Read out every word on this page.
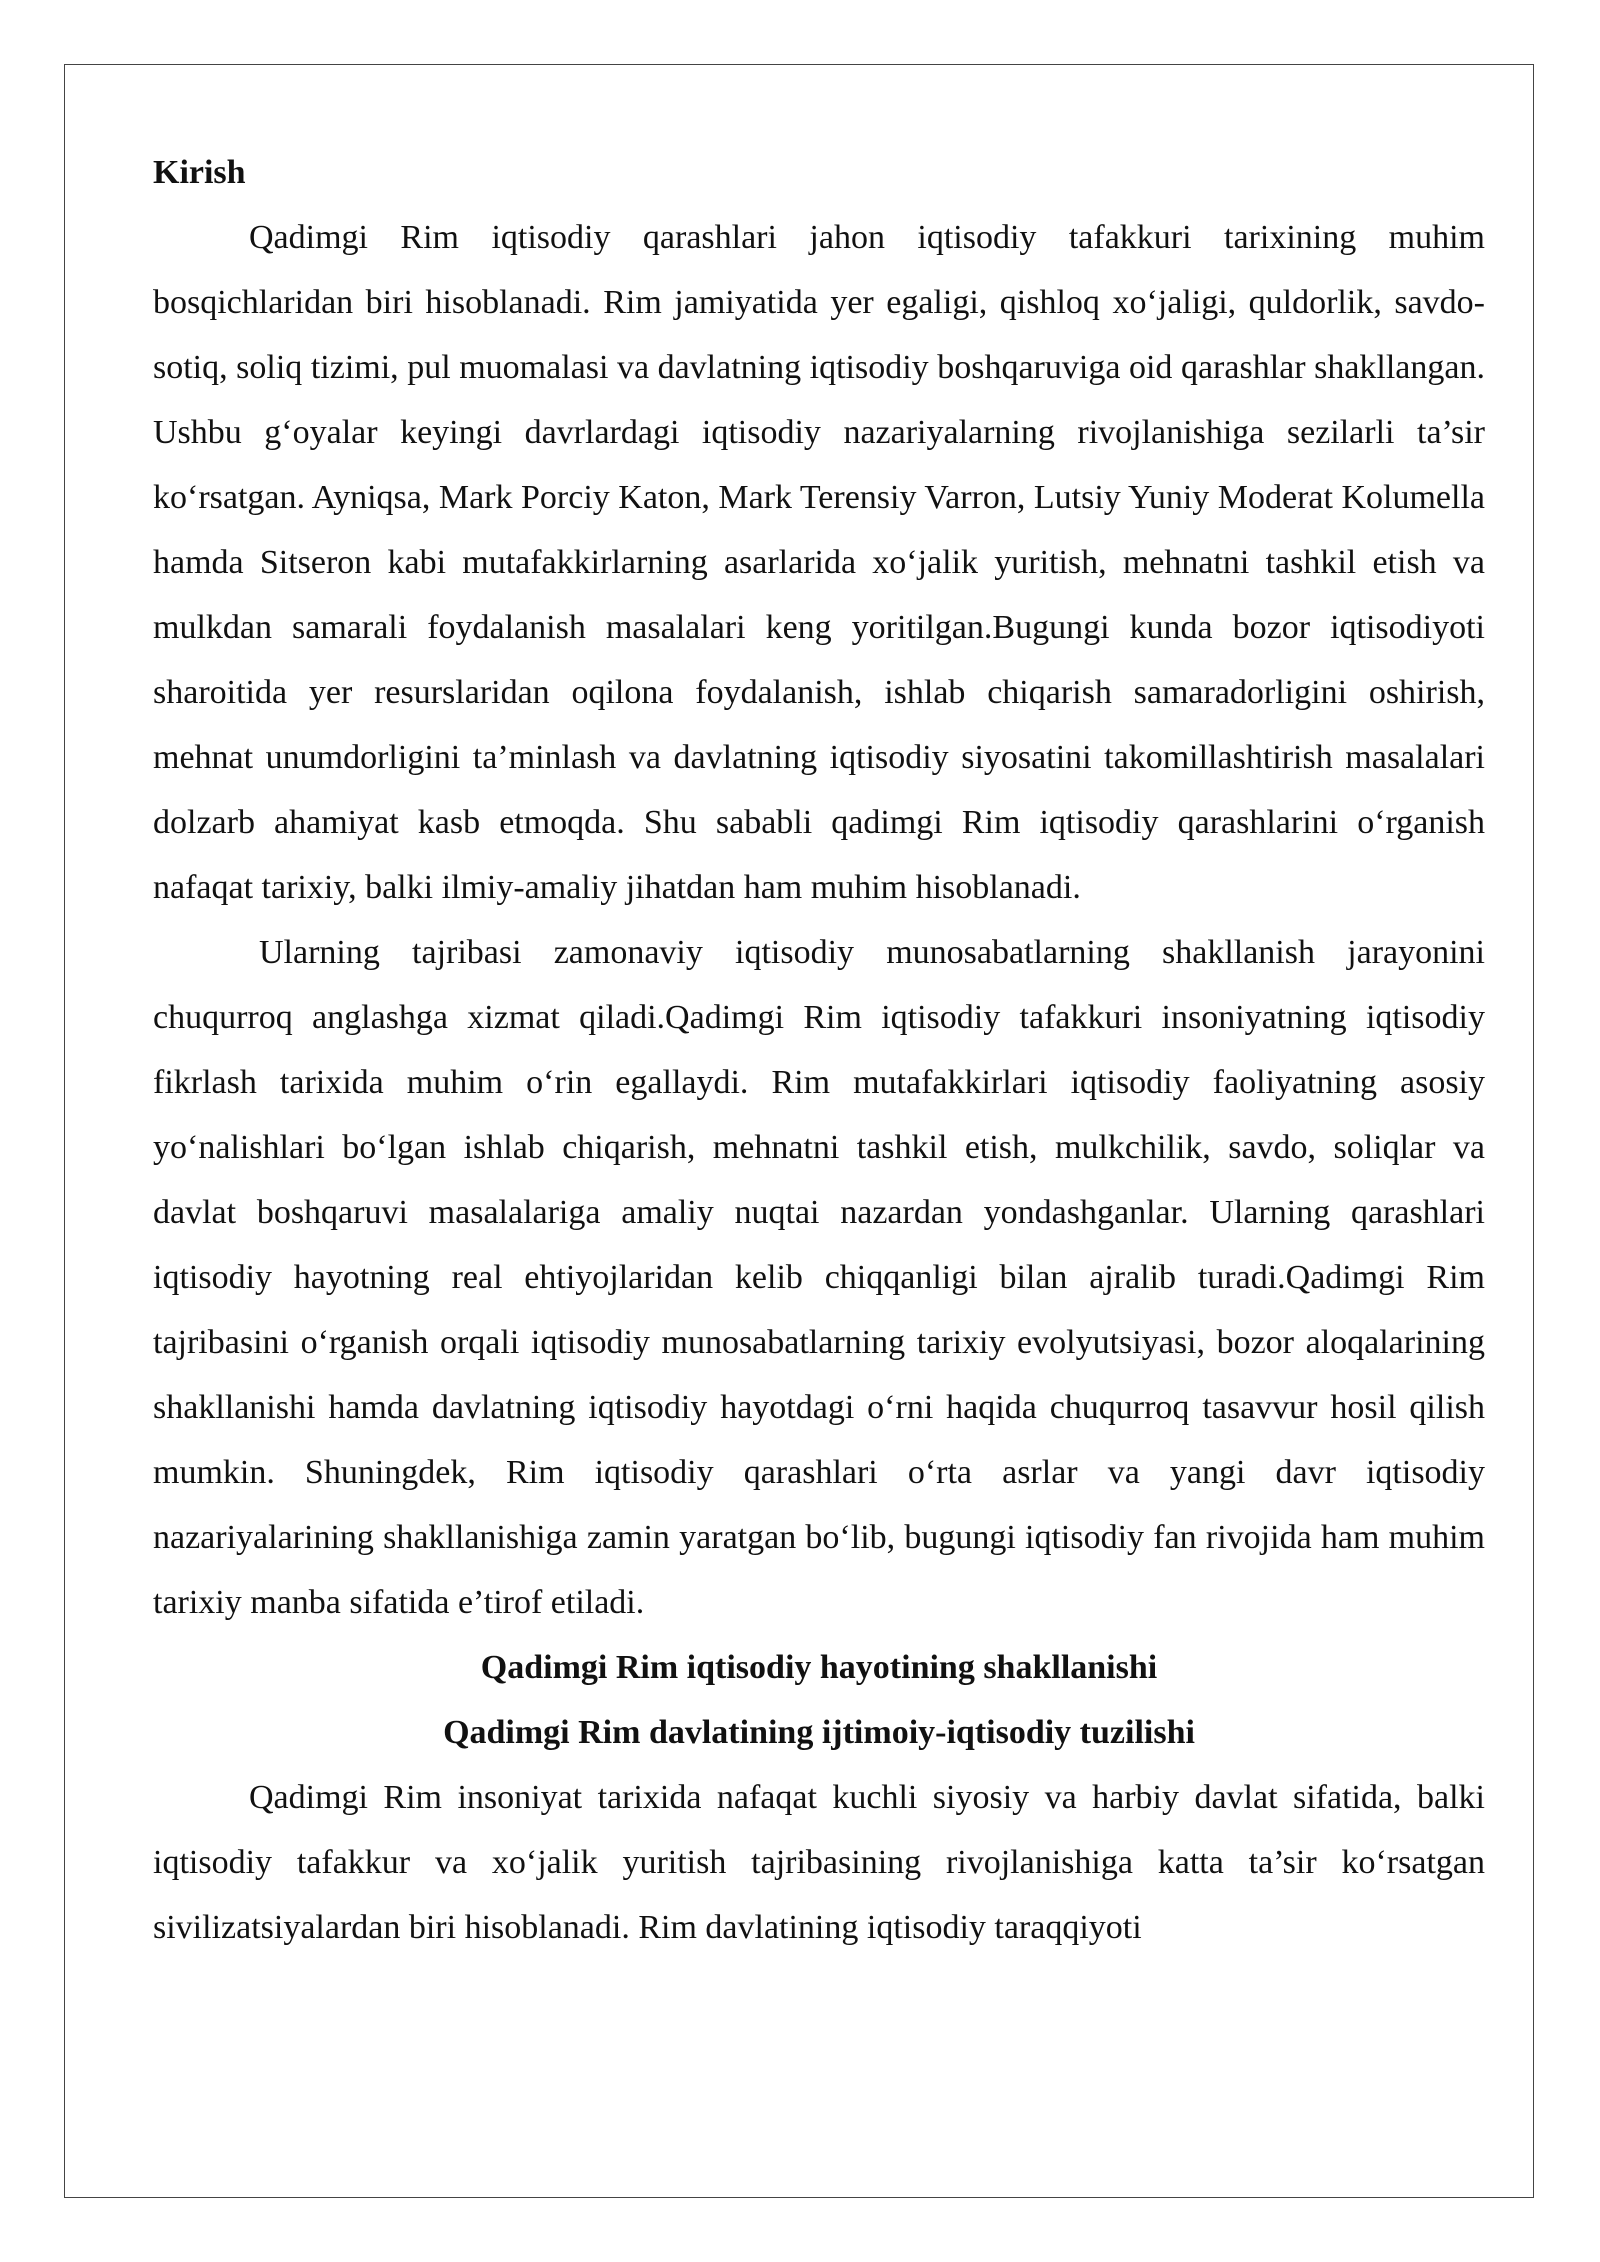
Kirish

Qadimgi Rim iqtisodiy qarashlari jahon iqtisodiy tafakkuri tarixining muhim bosqichlaridan biri hisoblanadi. Rim jamiyatida yer egaligi, qishloq xo‘jaligi, quldorlik, savdo-sotiq, soliq tizimi, pul muomalasi va davlatning iqtisodiy boshqaruviga oid qarashlar shakllangan. Ushbu g‘oyalar keyingi davrlardagi iqtisodiy nazariyalarning rivojlanishiga sezilarli ta’sir ko‘rsatgan. Ayniqsa, Mark Porciy Katon, Mark Terensiy Varron, Lutsiy Yuniy Moderat Kolumella hamda Sitseron kabi mutafakkirlarning asarlarida xo‘jalik yuritish, mehnatni tashkil etish va mulkdan samarali foydalanish masalalari keng yoritilgan.Bugungi kunda bozor iqtisodiyoti sharoitida yer resurslaridan oqilona foydalanish, ishlab chiqarish samaradorligini oshirish, mehnat unumdorligini ta’minlash va davlatning iqtisodiy siyosatini takomillashtirish masalalari dolzarb ahamiyat kasb etmoqda. Shu sababli qadimgi Rim iqtisodiy qarashlarini o‘rganish nafaqat tarixiy, balki ilmiy-amaliy jihatdan ham muhim hisoblanadi.

Ularning tajribasi zamonaviy iqtisodiy munosabatlarning shakllanish jarayonini chuqurroq anglashga xizmat qiladi.Qadimgi Rim iqtisodiy tafakkuri insoniyatning iqtisodiy fikrlash tarixida muhim o‘rin egallaydi. Rim mutafakkirlari iqtisodiy faoliyatning asosiy yo‘nalishlari bo‘lgan ishlab chiqarish, mehnatni tashkil etish, mulkchilik, savdo, soliqlar va davlat boshqaruvi masalalariga amaliy nuqtai nazardan yondashganlar. Ularning qarashlari iqtisodiy hayotning real ehtiyojlaridan kelib chiqqanligi bilan ajralib turadi.Qadimgi Rim tajribasini o‘rganish orqali iqtisodiy munosabatlarning tarixiy evolyutsiyasi, bozor aloqalarining shakllanishi hamda davlatning iqtisodiy hayotdagi o‘rni haqida chuqurroq tasavvur hosil qilish mumkin. Shuningdek, Rim iqtisodiy qarashlari o‘rta asrlar va yangi davr iqtisodiy nazariyalarining shakllanishiga zamin yaratgan bo‘lib, bugungi iqtisodiy fan rivojida ham muhim tarixiy manba sifatida e’tirof etiladi.

Qadimgi Rim iqtisodiy hayotining shakllanishi

Qadimgi Rim davlatining ijtimoiy-iqtisodiy tuzilishi

Qadimgi Rim insoniyat tarixida nafaqat kuchli siyosiy va harbiy davlat sifatida, balki iqtisodiy tafakkur va xo‘jalik yuritish tajribasining rivojlanishiga katta ta’sir ko‘rsatgan sivilizatsiyalardan biri hisoblanadi. Rim davlatining iqtisodiy taraqqiyoti
